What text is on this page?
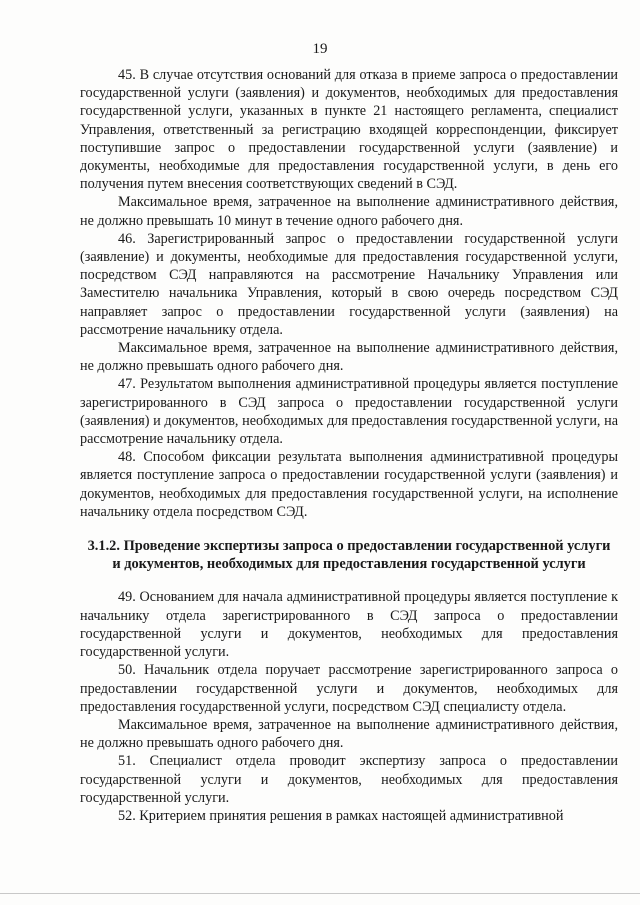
19

45. В случае отсутствия оснований для отказа в приеме запроса о предоставлении государственной услуги (заявления) и документов, необходимых для предоставления государственной услуги, указанных в пункте 21 настоящего регламента, специалист Управления, ответственный за регистрацию входящей корреспонденции, фиксирует поступившие запрос о предоставлении государственной услуги (заявление) и документы, необходимые для предоставления государственной услуги, в день его получения путем внесения соответствующих сведений в СЭД.

Максимальное время, затраченное на выполнение административного действия, не должно превышать 10 минут в течение одного рабочего дня.

46. Зарегистрированный запрос о предоставлении государственной услуги (заявление) и документы, необходимые для предоставления государственной услуги, посредством СЭД направляются на рассмотрение Начальнику Управления или Заместителю начальника Управления, который в свою очередь посредством СЭД направляет запрос о предоставлении государственной услуги (заявления) на рассмотрение начальнику отдела.

Максимальное время, затраченное на выполнение административного действия, не должно превышать одного рабочего дня.

47. Результатом выполнения административной процедуры является поступление зарегистрированного в СЭД запроса о предоставлении государственной услуги (заявления) и документов, необходимых для предоставления государственной услуги, на рассмотрение начальнику отдела.

48. Способом фиксации результата выполнения административной процедуры является поступление запроса о предоставлении государственной услуги (заявления) и документов, необходимых для предоставления государственной услуги, на исполнение начальнику отдела посредством СЭД.

3.1.2. Проведение экспертизы запроса о предоставлении государственной услуги
и документов, необходимых для предоставления государственной услуги

49. Основанием для начала административной процедуры является поступление к начальнику отдела зарегистрированного в СЭД запроса о предоставлении государственной услуги и документов, необходимых для предоставления государственной услуги.

50. Начальник отдела поручает рассмотрение зарегистрированного запроса о предоставлении государственной услуги и документов, необходимых для предоставления государственной услуги, посредством СЭД специалисту отдела.

Максимальное время, затраченное на выполнение административного действия, не должно превышать одного рабочего дня.

51. Специалист отдела проводит экспертизу запроса о предоставлении государственной услуги и документов, необходимых для предоставления государственной услуги.

52. Критерием принятия решения в рамках настоящей административной
